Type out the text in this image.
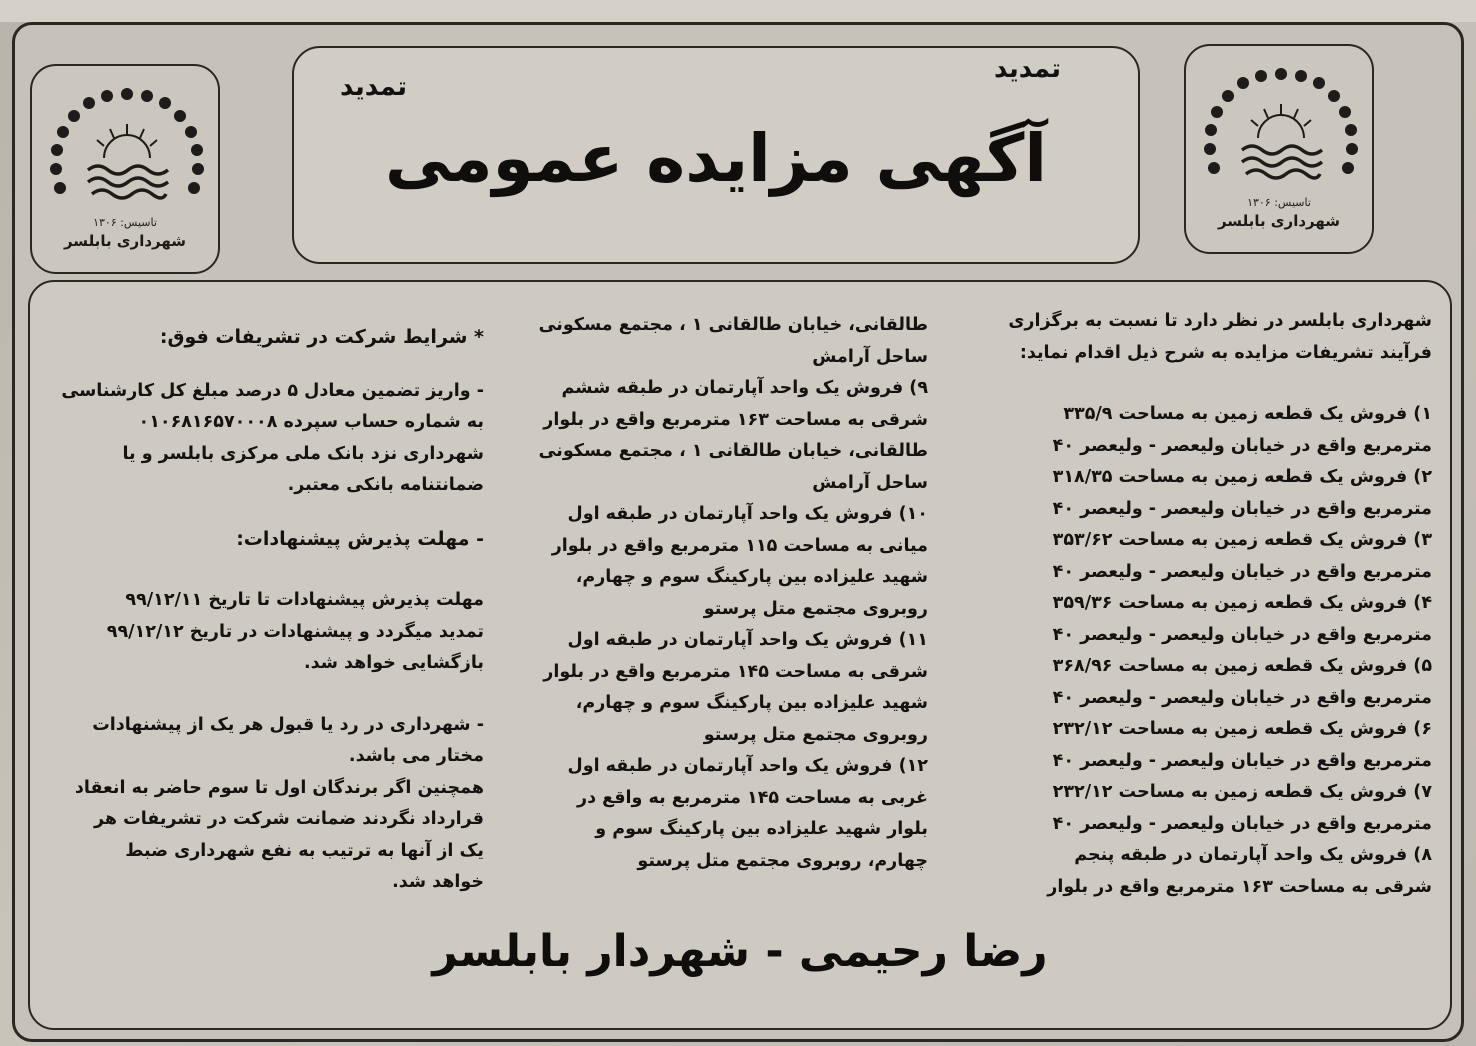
تاسیس: ۱۳۰۶
شهرداری بابلسر
تاسیس: ۱۳۰۶
شهرداری بابلسر
تمدید
تمدید
آگهی مزایده عمومی

شهرداری بابلسر در نظر دارد تا نسبت به برگزاری

فرآیند تشریفات مزایده به شرح ذیل اقدام نماید:

۱) فروش یک قطعه زمین به مساحت ۳۳۵/۹

مترمربع واقع در خیابان ولیعصر - ولیعصر ۴۰

۲) فروش یک قطعه زمین به مساحت ۳۱۸/۳۵

مترمربع واقع در خیابان ولیعصر - ولیعصر ۴۰

۳) فروش یک قطعه زمین به مساحت ۳۵۳/۶۲

مترمربع واقع در خیابان ولیعصر - ولیعصر ۴۰

۴) فروش یک قطعه زمین به مساحت ۳۵۹/۳۶

مترمربع واقع در خیابان ولیعصر - ولیعصر ۴۰

۵) فروش یک قطعه زمین به مساحت ۳۶۸/۹۶

مترمربع واقع در خیابان ولیعصر - ولیعصر ۴۰

۶) فروش یک قطعه زمین به مساحت ۲۳۲/۱۲

مترمربع واقع در خیابان ولیعصر - ولیعصر ۴۰

۷) فروش یک قطعه زمین به مساحت ۲۳۲/۱۲

مترمربع واقع در خیابان ولیعصر - ولیعصر ۴۰

۸) فروش یک واحد آپارتمان در طبقه پنجم

شرقی به مساحت ۱۶۳ مترمربع واقع در بلوار

طالقانی، خیابان طالقانی ۱ ، مجتمع مسکونی

ساحل آرامش

۹) فروش یک واحد آپارتمان در طبقه ششم

شرقی به مساحت ۱۶۳ مترمربع واقع در بلوار

طالقانی، خیابان طالقانی ۱ ، مجتمع مسکونی

ساحل آرامش

۱۰) فروش یک واحد آپارتمان در طبقه اول

میانی به مساحت ۱۱۵ مترمربع واقع در بلوار

شهید علیزاده بین پارکینگ سوم و چهارم،

روبروی مجتمع متل پرستو

۱۱) فروش یک واحد آپارتمان در طبقه اول

شرقی به مساحت ۱۴۵ مترمربع واقع در بلوار

شهید علیزاده بین پارکینگ سوم و چهارم،

روبروی مجتمع متل پرستو

۱۲) فروش یک واحد آپارتمان در طبقه اول

غربی به مساحت ۱۴۵ مترمربع به واقع در

بلوار شهید علیزاده بین پارکینگ سوم و

چهارم، روبروی مجتمع متل پرستو

* شرایط شرکت در تشریفات فوق:

- واریز تضمین معادل ۵ درصد مبلغ کل کارشناسی

به شماره حساب سپرده ۰۱۰۶۸۱۶۵۷۰۰۰۸

شهرداری نزد بانک ملی مرکزی بابلسر و یا

ضمانتنامه بانکی معتبر.

- مهلت پذیرش پیشنهادات:

مهلت پذیرش پیشنهادات تا تاریخ ۹۹/۱۲/۱۱

تمدید میگردد و پیشنهادات در تاریخ ۹۹/۱۲/۱۲

بازگشایی خواهد شد.

- شهرداری در رد یا قبول هر یک از پیشنهادات

مختار می باشد.

همچنین اگر برندگان اول تا سوم حاضر به انعقاد

قرارداد نگردند ضمانت شرکت در تشریفات هر

یک از آنها به ترتیب به نفع شهرداری ضبط

خواهد شد.

رضا رحیمی - شهردار بابلسر
